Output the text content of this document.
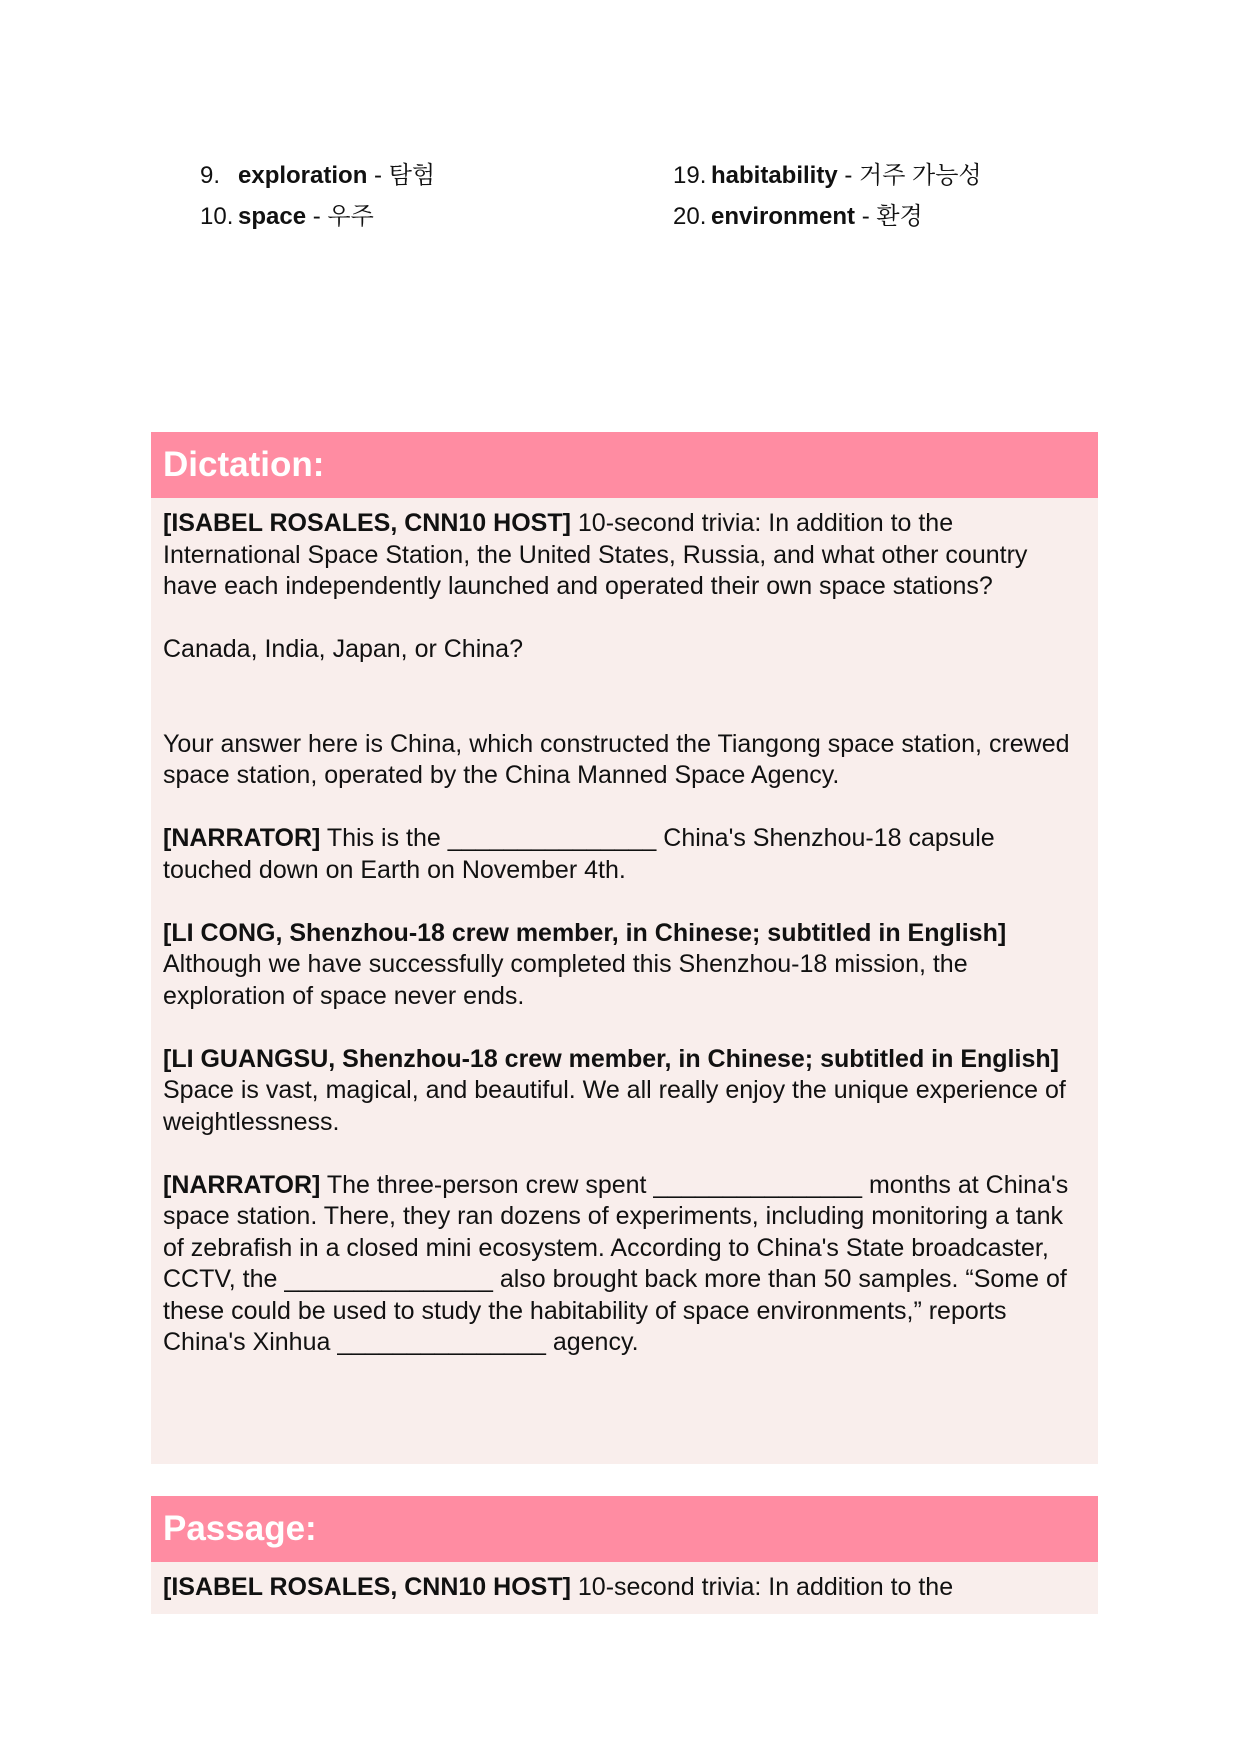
9. exploration - 탐험
10. space - 우주
19. habitability - 거주 가능성
20. environment - 환경
Dictation:

[ISABEL ROSALES, CNN10 HOST] 10-second trivia: In addition to the International Space Station, the United States, Russia, and what other country have each independently launched and operated their own space stations?

Canada, India, Japan, or China?

Your answer here is China, which constructed the Tiangong space station, crewed space station, operated by the China Manned Space Agency.

[NARRATOR] This is the _______________ China's Shenzhou-18 capsule touched down on Earth on November 4th.

[LI CONG, Shenzhou-18 crew member, in Chinese; subtitled in English] Although we have successfully completed this Shenzhou-18 mission, the exploration of space never ends.

[LI GUANGSU, Shenzhou-18 crew member, in Chinese; subtitled in English] Space is vast, magical, and beautiful. We all really enjoy the unique experience of weightlessness.

[NARRATOR] The three-person crew spent _______________ months at China's space station. There, they ran dozens of experiments, including monitoring a tank of zebrafish in a closed mini ecosystem. According to China's State broadcaster, CCTV, the _______________ also brought back more than 50 samples. “Some of these could be used to study the habitability of space environments,” reports China's Xinhua _______________ agency.

Passage:

[ISABEL ROSALES, CNN10 HOST] 10-second trivia: In addition to the
